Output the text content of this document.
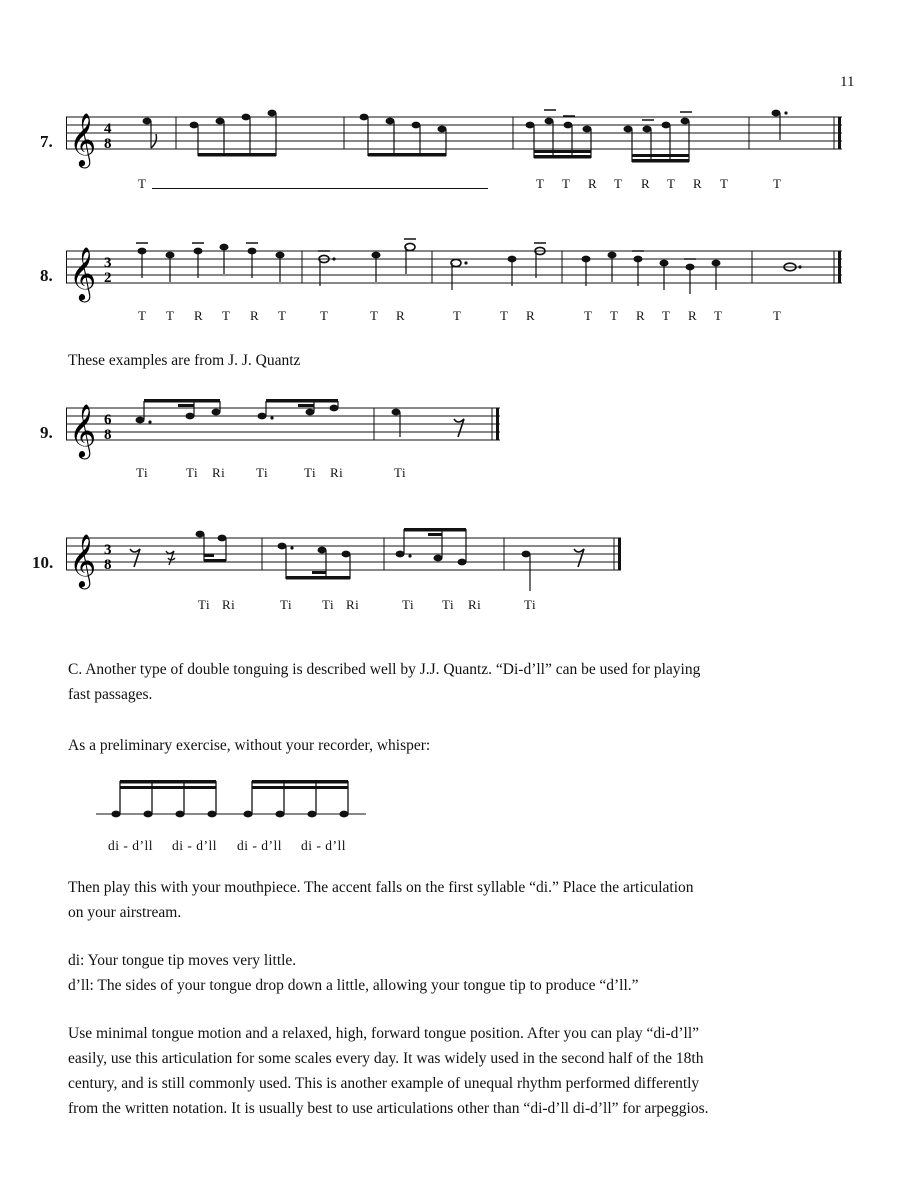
11
7. 𝄞 4
8
T	T T R T R T R T	T
8. 𝄞 3
2
T T R T R T	T	T R	T	T R	T T R T R T	T
These examples are from J. J. Quantz
9. 𝄞 6
8
Ti	Ti Ri Ti	Ti Ri	Ti
10. 𝄞 3
8
Ti Ri	Ti Ti Ri	Ti Ti Ri	Ti
C. Another type of double tonguing is described well by J.J. Quantz. “Di-d’ll” can be used for playing
fast passages.
As a preliminary exercise, without your recorder, whisper:
di - d’ll di - d’ll di - d’ll di - d’ll
Then play this with your mouthpiece. The accent falls on the first syllable “di.” Place the articulation
on your airstream.
di: Your tongue tip moves very little.
d’ll: The sides of your tongue drop down a little, allowing your tongue tip to produce “d’ll.”
Use minimal tongue motion and a relaxed, high, forward tongue position. After you can play “di-d’ll”
easily, use this articulation for some scales every day. It was widely used in the second half of the 18th
century, and is still commonly used. This is another example of unequal rhythm performed differently
from the written notation. It is usually best to use articulations other than “di-d’ll di-d’ll” for arpeggios.
